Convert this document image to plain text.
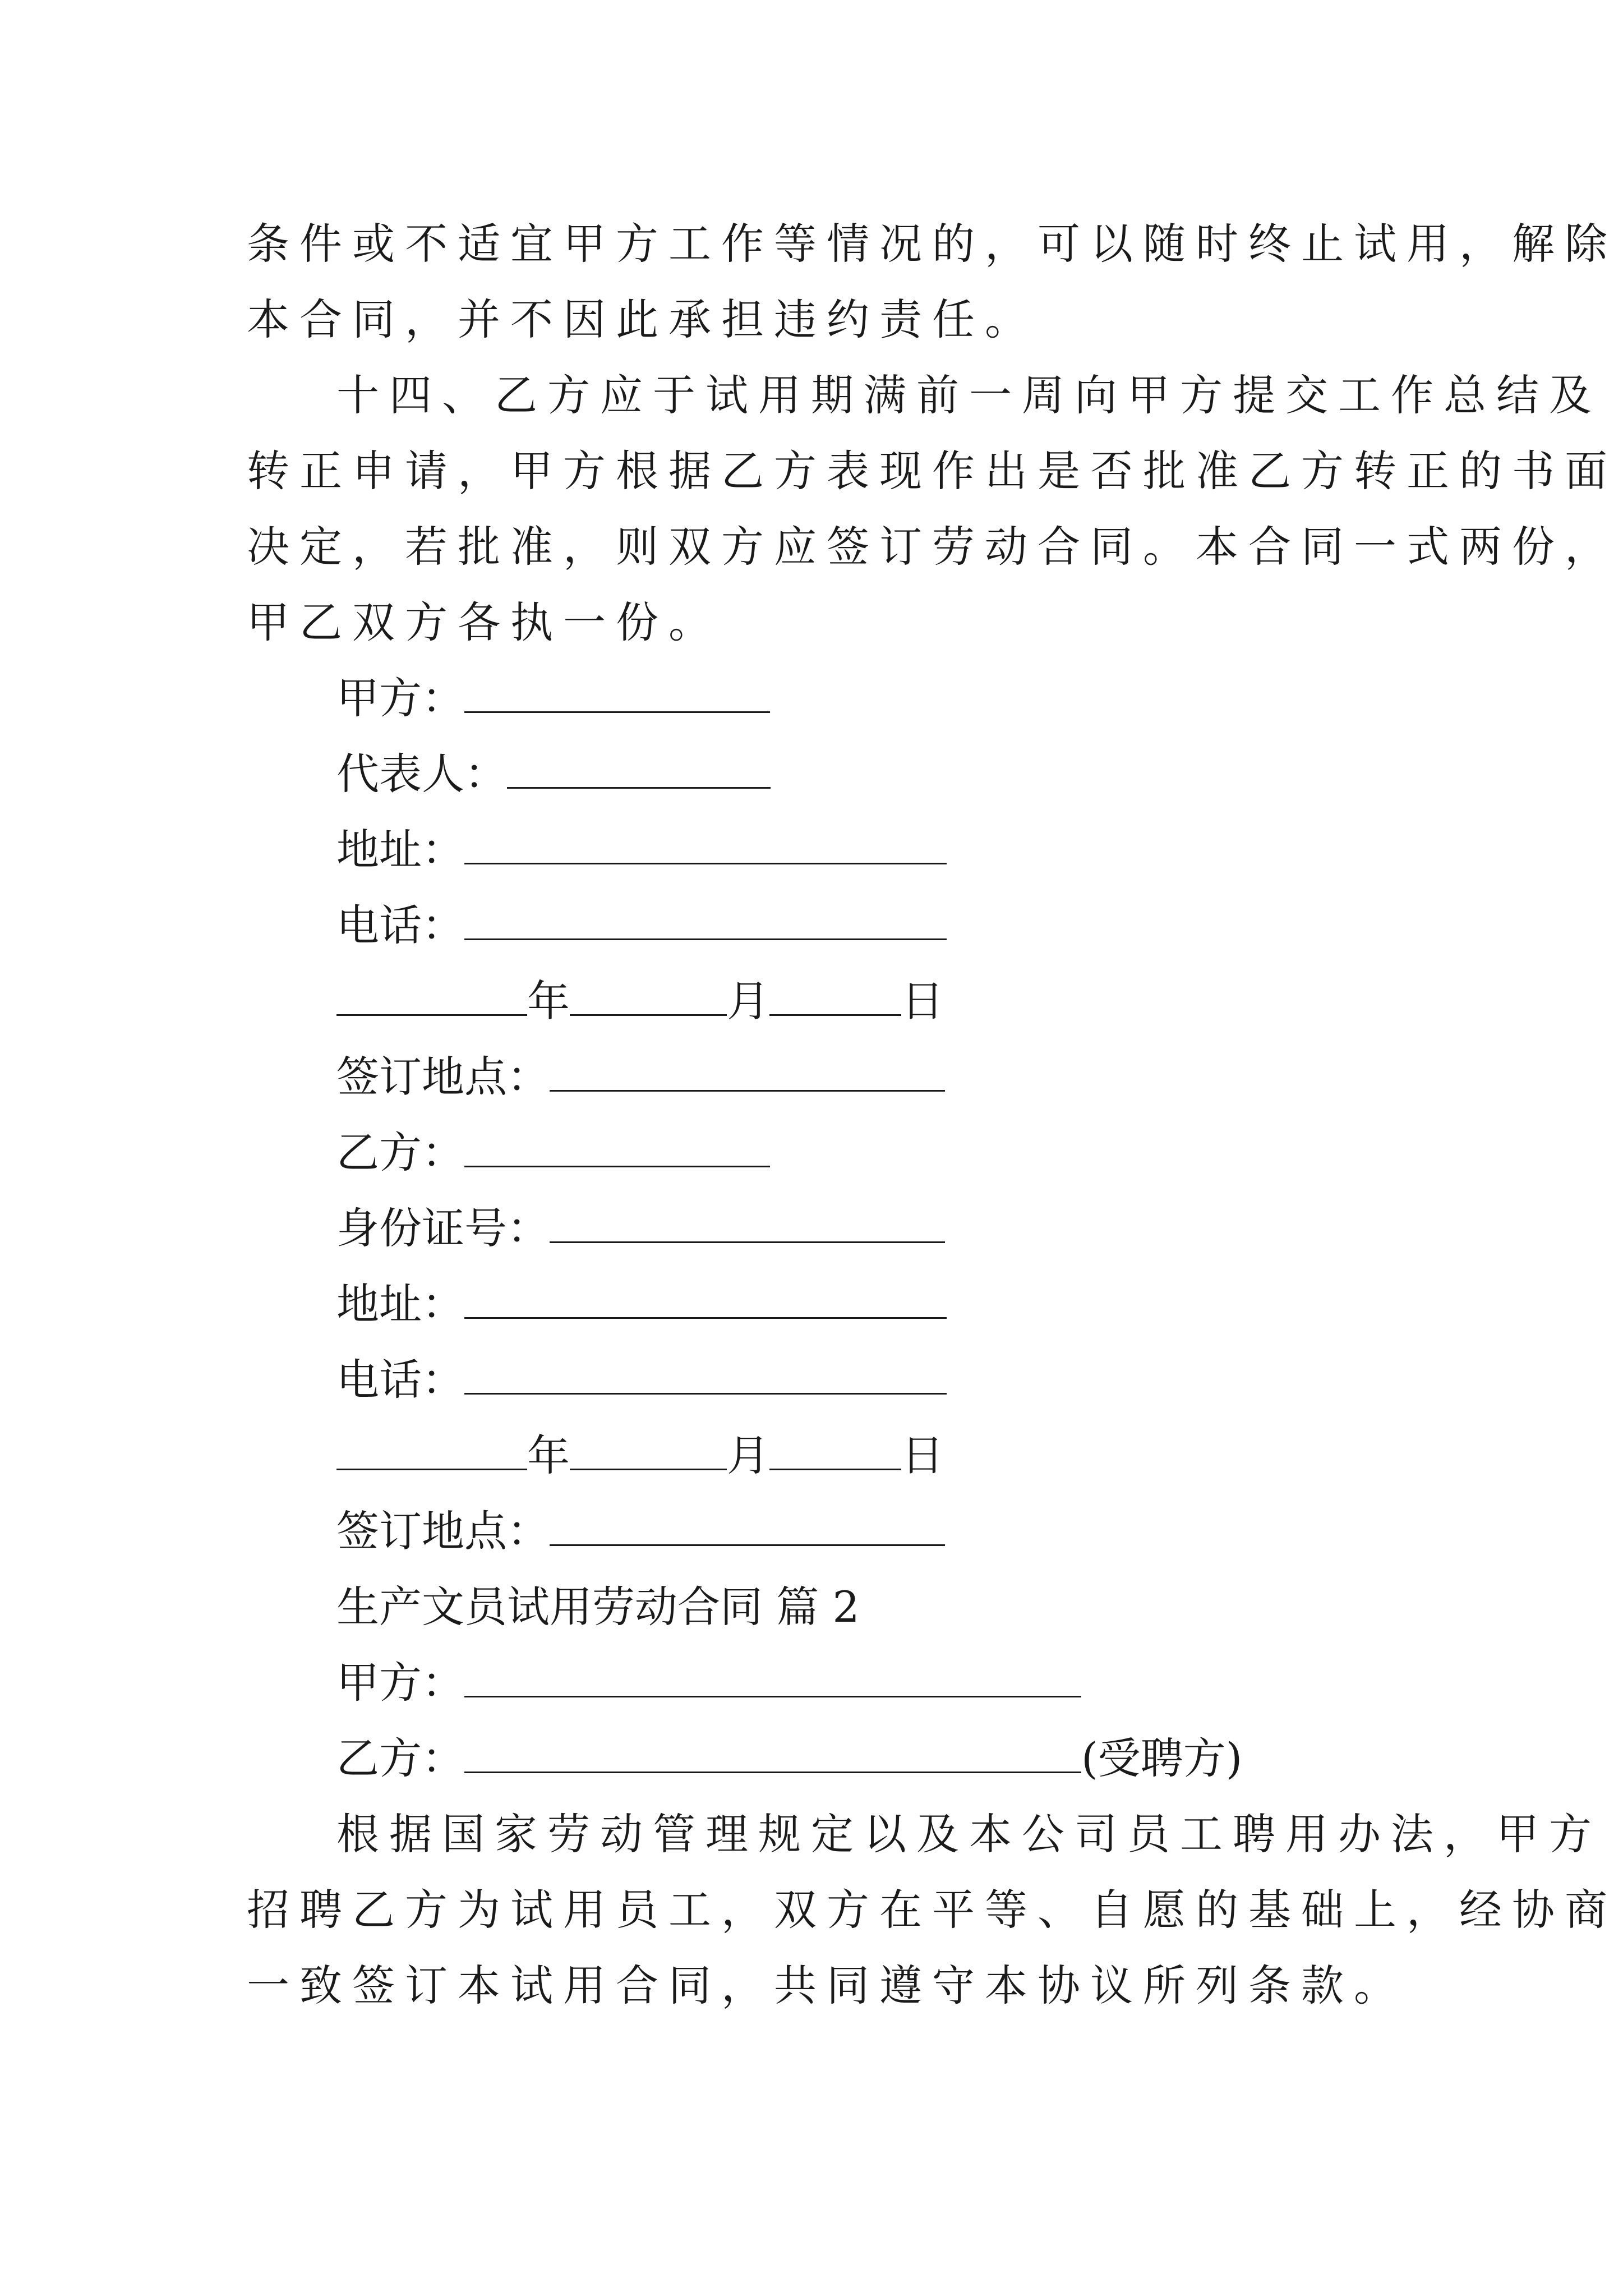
条件或不适宜甲方工作等情况的，可以随时终止试用，解除
本合同，并不因此承担违约责任。
十四、乙方应于试用期满前一周向甲方提交工作总结及
转正申请，甲方根据乙方表现作出是否批准乙方转正的书面
决定，若批准，则双方应签订劳动合同。本合同一式两份，
甲乙双方各执一份。
甲方：
代表人：
地址：
电话：
年	月	日
签订地点：
乙方：
身份证号：
地址：
电话：
年	月	日
签订地点：
生产文员试用劳动合同 篇 2
甲方：
乙方：	(受聘方)
根据国家劳动管理规定以及本公司员工聘用办法，甲方
招聘乙方为试用员工，双方在平等、自愿的基础上，经协商
一致签订本试用合同，共同遵守本协议所列条款。
